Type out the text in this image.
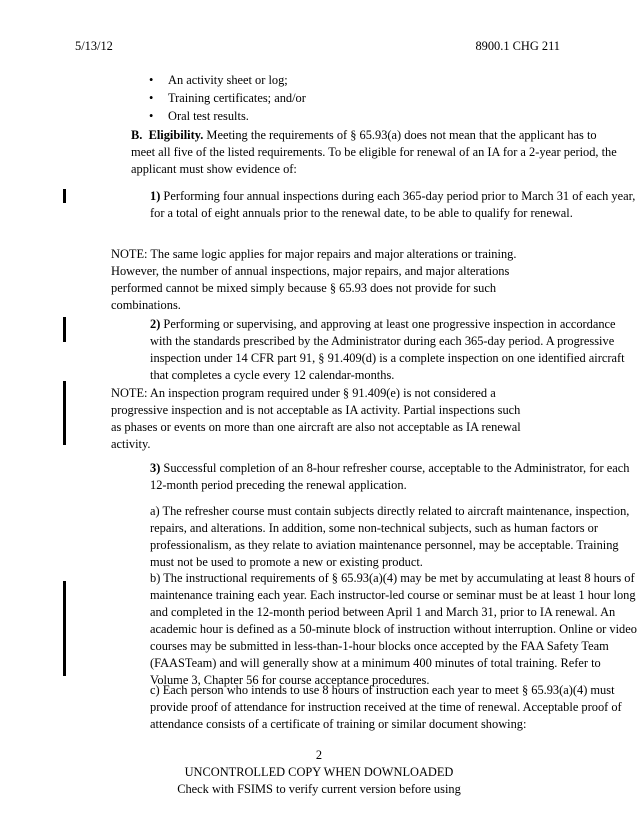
5/13/12	8900.1 CHG 211
• An activity sheet or log;
• Training certificates; and/or
• Oral test results.

B. Eligibility. Meeting the requirements of § 65.93(a) does not mean that the applicant has to meet all five of the listed requirements. To be eligible for renewal of an IA for a 2-year period, the applicant must show evidence of:

1) Performing four annual inspections during each 365-day period prior to March 31 of each year, for a total of eight annuals prior to the renewal date, to be able to qualify for renewal.

NOTE: The same logic applies for major repairs and major alterations or training. However, the number of annual inspections, major repairs, and major alterations performed cannot be mixed simply because § 65.93 does not provide for such combinations.

2) Performing or supervising, and approving at least one progressive inspection in accordance with the standards prescribed by the Administrator during each 365-day period. A progressive inspection under 14 CFR part 91, § 91.409(d) is a complete inspection on one identified aircraft that completes a cycle every 12 calendar-months.

NOTE: An inspection program required under § 91.409(e) is not considered a progressive inspection and is not acceptable as IA activity. Partial inspections such as phases or events on more than one aircraft are also not acceptable as IA renewal activity.

3) Successful completion of an 8-hour refresher course, acceptable to the Administrator, for each 12-month period preceding the renewal application.

a) The refresher course must contain subjects directly related to aircraft maintenance, inspection, repairs, and alterations. In addition, some non-technical subjects, such as human factors or professionalism, as they relate to aviation maintenance personnel, may be acceptable. Training must not be used to promote a new or existing product.

b) The instructional requirements of § 65.93(a)(4) may be met by accumulating at least 8 hours of maintenance training each year. Each instructor-led course or seminar must be at least 1 hour long and completed in the 12-month period between April 1 and March 31, prior to IA renewal. An academic hour is defined as a 50-minute block of instruction without interruption. Online or video courses may be submitted in less-than-1-hour blocks once accepted by the FAA Safety Team (FAASTeam) and will generally show at a minimum 400 minutes of total training. Refer to Volume 3, Chapter 56 for course acceptance procedures.

c) Each person who intends to use 8 hours of instruction each year to meet § 65.93(a)(4) must provide proof of attendance for instruction received at the time of renewal. Acceptable proof of attendance consists of a certificate of training or similar document showing:

2
UNCONTROLLED COPY WHEN DOWNLOADED
Check with FSIMS to verify current version before using
